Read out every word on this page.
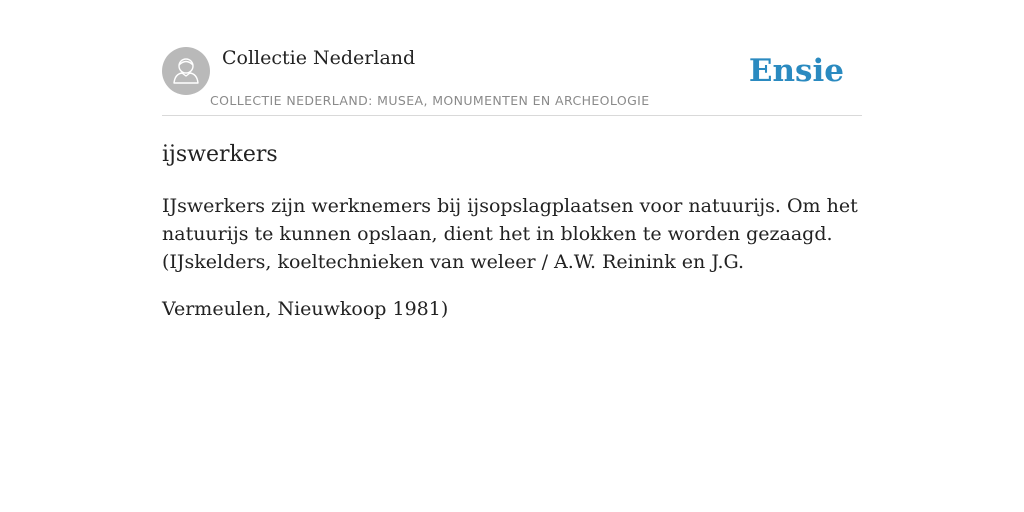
Collectie Nederland
COLLECTIE NEDERLAND: MUSEA, MONUMENTEN EN ARCHEOLOGIE
Ensie
ijswerkers

IJswerkers zijn werknemers bij ijsopslagplaatsen voor natuurijs. Om het natuurijs te kunnen opslaan, dient het in blokken te worden gezaagd. (IJskelders, koeltechnieken van weleer / A.W. Reinink en J.G.

Vermeulen, Nieuwkoop 1981)
